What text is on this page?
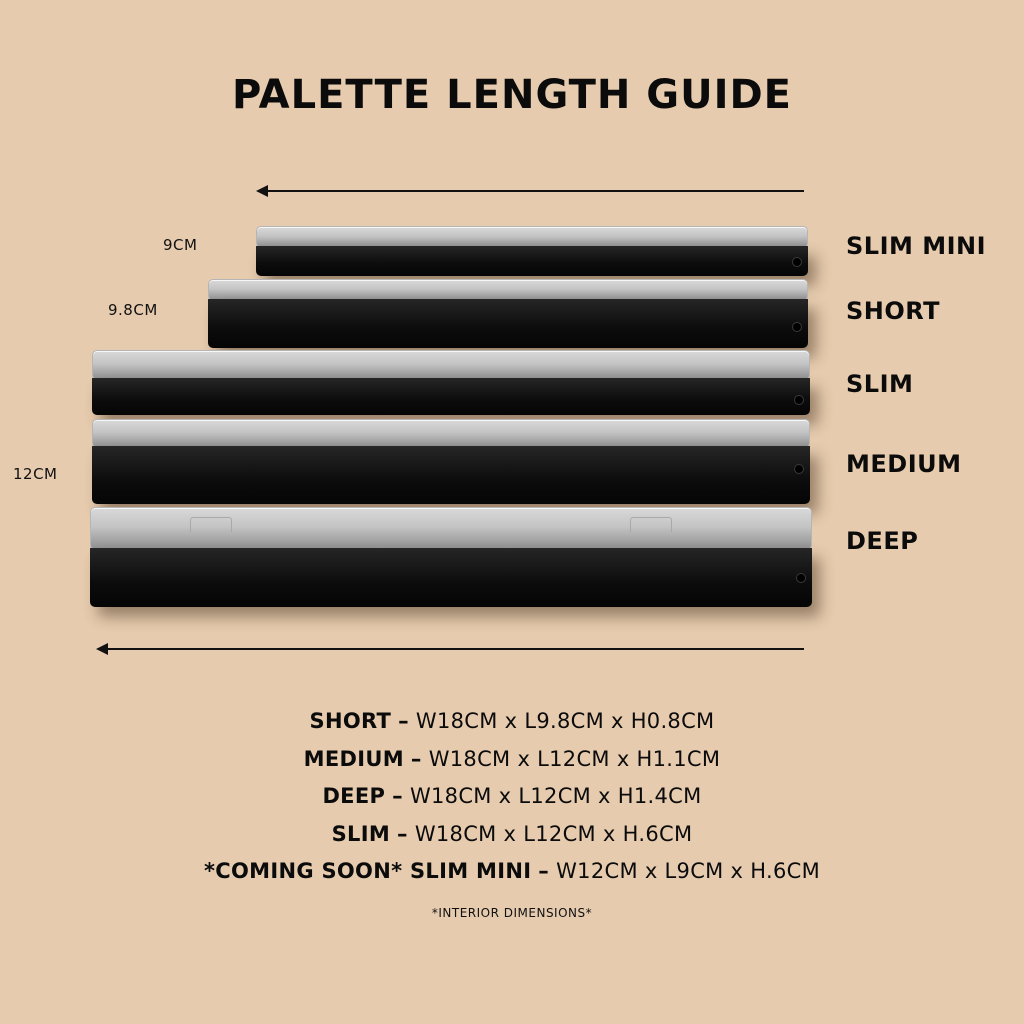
PALETTE LENGTH GUIDE
9CM	SLIM MINI
9.8CM	SHORT
SLIM
12CM	MEDIUM
DEEP
SHORT – W18CM x L9.8CM x H0.8CM
MEDIUM – W18CM x L12CM x H1.1CM
DEEP – W18CM x L12CM x H1.4CM
SLIM – W18CM x L12CM x H.6CM
*COMING SOON* SLIM MINI – W12CM x L9CM x H.6CM
*INTERIOR DIMENSIONS*
